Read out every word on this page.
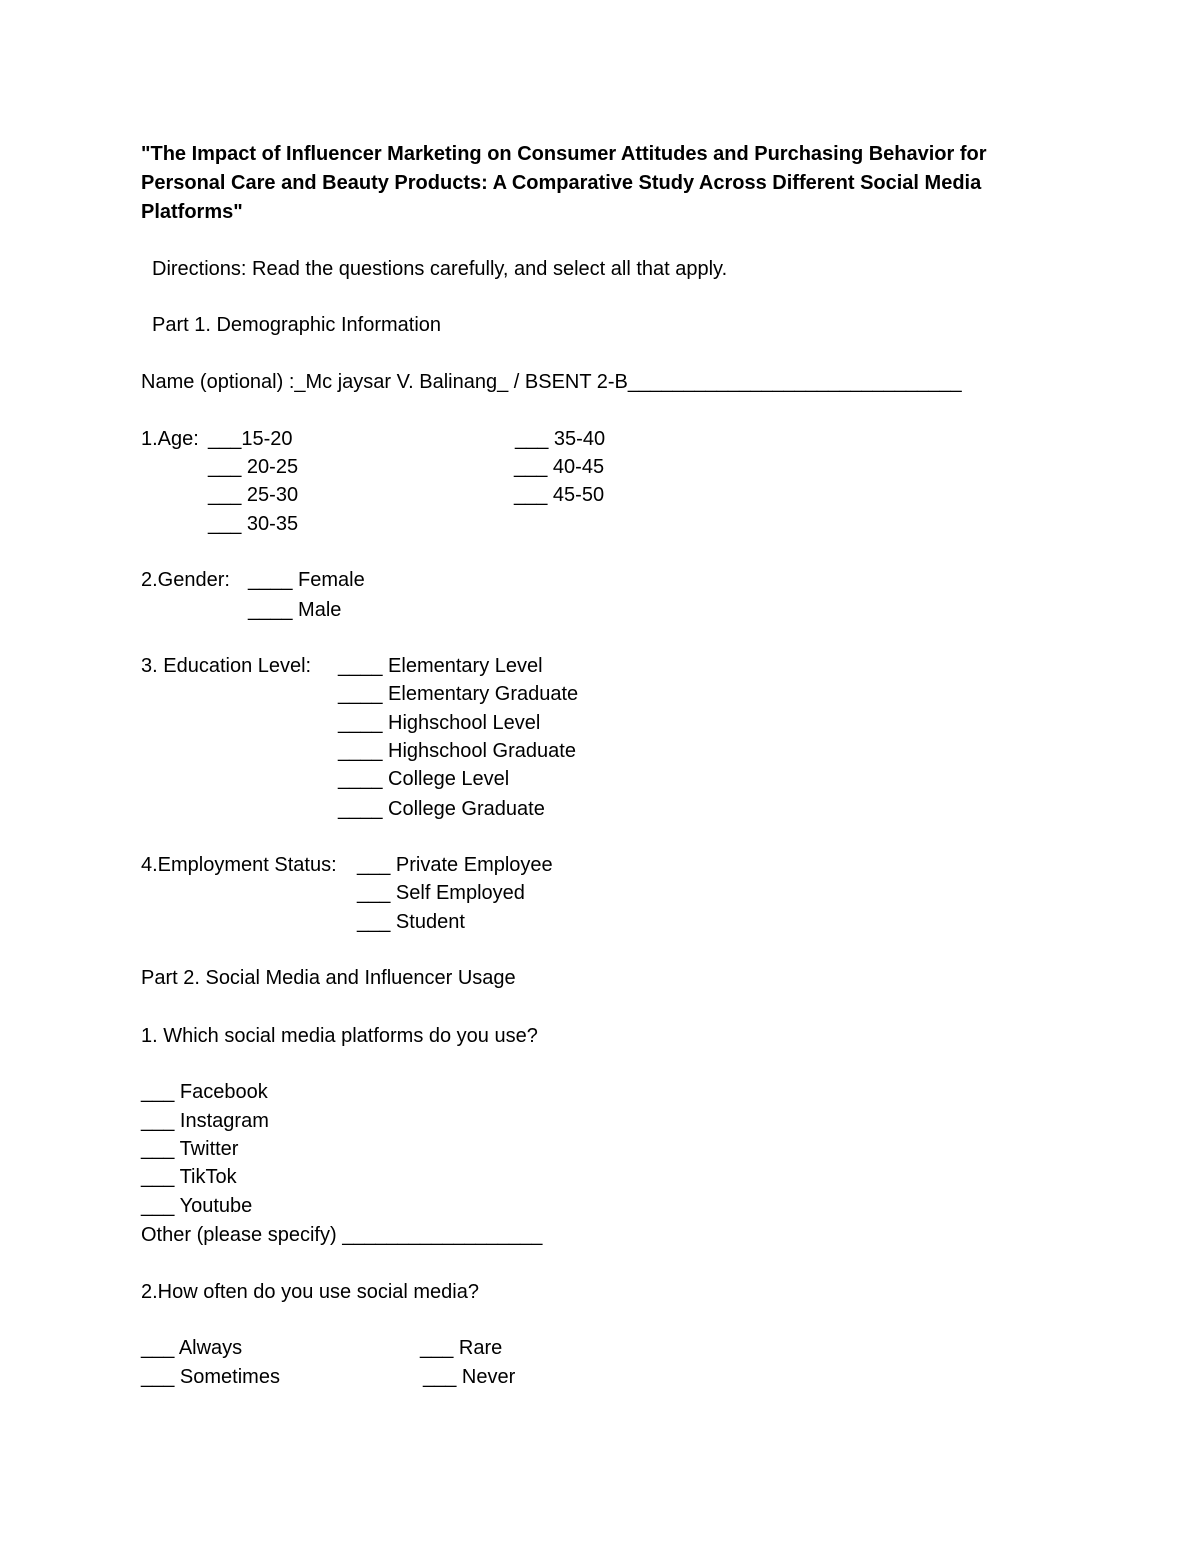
"The Impact of Influencer Marketing on Consumer Attitudes and Purchasing Behavior for
Personal Care and Beauty Products: A Comparative Study Across Different Social Media
Platforms"
Directions: Read the questions carefully, and select all that apply.
Part 1. Demographic Information
Name (optional) :_Mc jaysar V. Balinang_ / BSENT 2-B______________________________
1.Age: ___15-20
___ 20-25
___ 25-30
___ 30-35
___ 35-40
___ 40-45
___ 45-50
2.Gender: ____ Female
____ Male
3. Education Level: ____ Elementary Level
____ Elementary Graduate
____ Highschool Level
____ Highschool Graduate
____ College Level
____ College Graduate
4.Employment Status: ___ Private Employee
___ Self Employed
___ Student
Part 2. Social Media and Influencer Usage
1. Which social media platforms do you use?
___ Facebook
___ Instagram
___ Twitter
___ TikTok
___ Youtube
Other (please specify) __________________
2.How often do you use social media?
___ Always
___ Sometimes
___ Rare
___ Never
